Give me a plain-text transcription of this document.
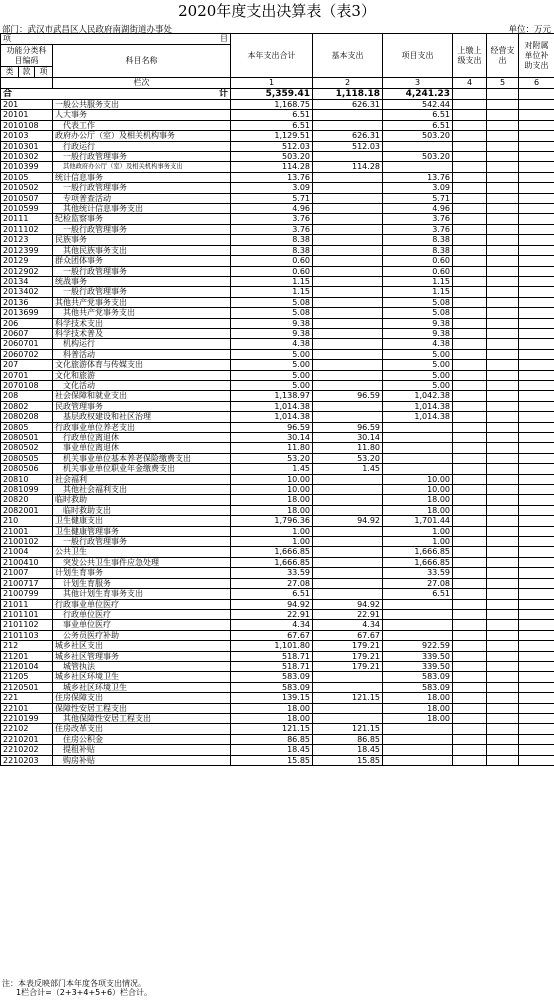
2020年度支出决算表（表3）
部门：武汉市武昌区人民政府南湖街道办事处	单位：万元
项 目				本年支出合计	基本支出	项目支出	上缴上级支出	经营支出	对附属单位补助支出
功能分类科目编码			科目名称						
类	款	项							
			栏次	1	2	3	4	5	6

合 计				5,359.41	1,118.18	4,241.23			
201			一般公共服务支出	1,168.75	626.31	542.44			
20101			人大事务	6.51		6.51			
2010108			代表工作	6.51		6.51			
20103			政府办公厅（室）及相关机构事务	1,129.51	626.31	503.20			
2010301			行政运行	512.03	512.03				
2010302			一般行政管理事务	503.20		503.20			
2010399			其他政府办公厅（室）及相关机构事务支出	114.28	114.28				
20105			统计信息事务	13.76		13.76			
2010502			一般行政管理事务	3.09		3.09			
2010507			专项普查活动	5.71		5.71			
2010599			其他统计信息事务支出	4.96		4.96			
20111			纪检监察事务	3.76		3.76			
2011102			一般行政管理事务	3.76		3.76			
20123			民族事务	8.38		8.38			
2012399			其他民族事务支出	8.38		8.38			
20129			群众团体事务	0.60		0.60			
2012902			一般行政管理事务	0.60		0.60			
20134			统战事务	1.15		1.15			
2013402			一般行政管理事务	1.15		1.15			
20136			其他共产党事务支出	5.08		5.08			
2013699			其他共产党事务支出	5.08		5.08			
206			科学技术支出	9.38		9.38			
20607			科学技术普及	9.38		9.38			
2060701			机构运行	4.38		4.38			
2060702			科普活动	5.00		5.00			
207			文化旅游体育与传媒支出	5.00		5.00			
20701			文化和旅游	5.00		5.00			
2070108			文化活动	5.00		5.00			
208			社会保障和就业支出	1,138.97	96.59	1,042.38			
20802			民政管理事务	1,014.38		1,014.38			
2080208			基层政权建设和社区治理	1,014.38		1,014.38			
20805			行政事业单位养老支出	96.59	96.59				
2080501			行政单位离退休	30.14	30.14				
2080502			事业单位离退休	11.80	11.80				
2080505			机关事业单位基本养老保险缴费支出	53.20	53.20				
2080506			机关事业单位职业年金缴费支出	1.45	1.45				
20810			社会福利	10.00		10.00			
2081099			其他社会福利支出	10.00		10.00			
20820			临时救助	18.00		18.00			
2082001			临时救助支出	18.00		18.00			
210			卫生健康支出	1,796.36	94.92	1,701.44			
21001			卫生健康管理事务	1.00		1.00			
2100102			一般行政管理事务	1.00		1.00			
21004			公共卫生	1,666.85		1,666.85			
2100410			突发公共卫生事件应急处理	1,666.85		1,666.85			
21007			计划生育事务	33.59		33.59			
2100717			计划生育服务	27.08		27.08			
2100799			其他计划生育事务支出	6.51		6.51			
21011			行政事业单位医疗	94.92	94.92				
2101101			行政单位医疗	22.91	22.91				
2101102			事业单位医疗	4.34	4.34				
2101103			公务员医疗补助	67.67	67.67				
212			城乡社区支出	1,101.80	179.21	922.59			
21201			城乡社区管理事务	518.71	179.21	339.50			
2120104			城管执法	518.71	179.21	339.50			
21205			城乡社区环境卫生	583.09		583.09			
2120501			城乡社区环境卫生	583.09		583.09			
221			住房保障支出	139.15	121.15	18.00			
22101			保障性安居工程支出	18.00		18.00			
2210199			其他保障性安居工程支出	18.00		18.00			
22102			住房改革支出	121.15	121.15				
2210201			住房公积金	86.85	86.85				
2210202			提租补贴	18.45	18.45				
2210203			购房补贴	15.85	15.85				
注：本表反映部门本年度各项支出情况。
1栏合计=（2+3+4+5+6）栏合计。
